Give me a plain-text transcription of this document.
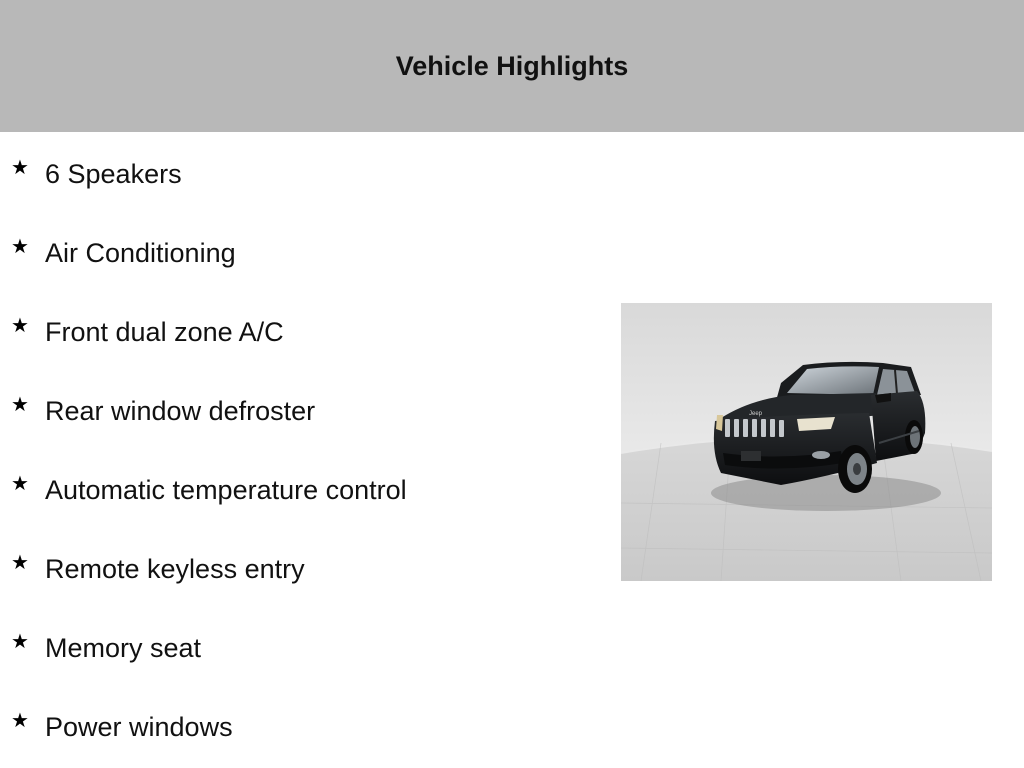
Vehicle Highlights
★ 6 Speakers
★ Air Conditioning
★ Front dual zone A/C
★ Rear window defroster
★ Automatic temperature control
★ Remote keyless entry
★ Memory seat
★ Power windows
Jeep
